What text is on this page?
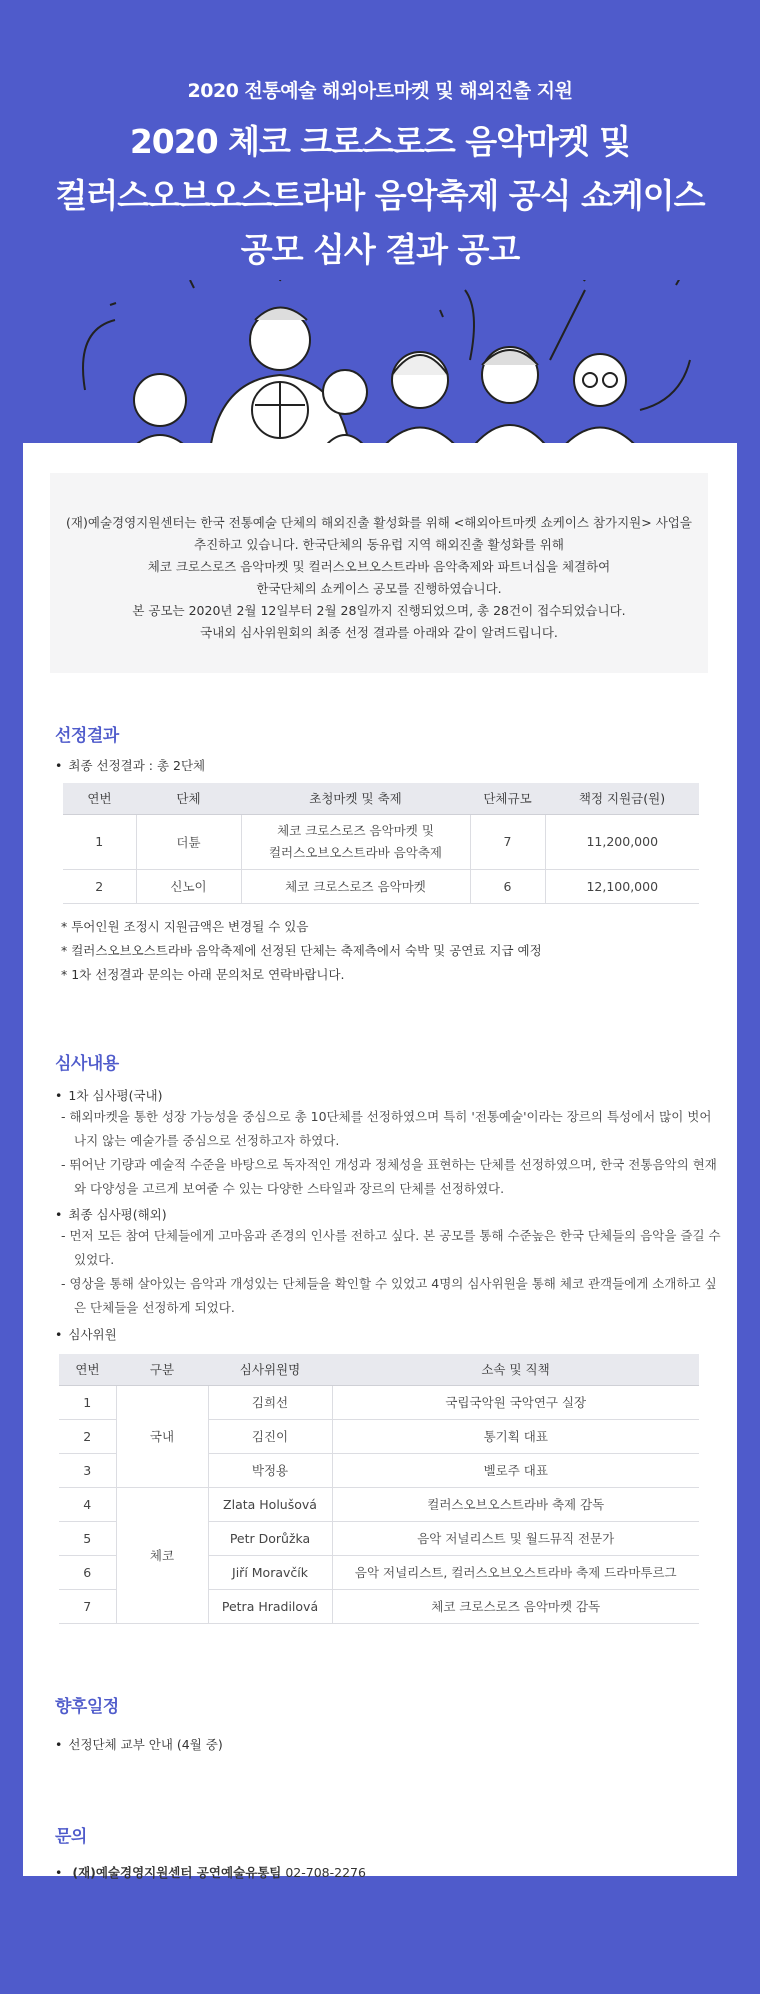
2020 전통예술 해외아트마켓 및 해외진출 지원
2020 체코 크로스로즈 음악마켓 및
컬러스오브오스트라바 음악축제 공식 쇼케이스
공모 심사 결과 공고
(재)예술경영지원센터는 한국 전통예술 단체의 해외진출 활성화를 위해 <해외아트마켓 쇼케이스 참가지원> 사업을
추진하고 있습니다. 한국단체의 동유럽 지역 해외진출 활성화를 위해
체코 크로스로즈 음악마켓 및 컬러스오브오스트라바 음악축제와 파트너십을 체결하여
한국단체의 쇼케이스 공모를 진행하였습니다.
본 공모는 2020년 2월 12일부터 2월 28일까지 진행되었으며, 총 28건이 접수되었습니다.
국내외 심사위원회의 최종 선정 결과를 아래와 같이 알려드립니다.
선정결과
• 최종 선정결과 : 총 2단체
연번	단체	초청마켓 및 축제	단체규모	책정 지원금(원)
1	더튠	체코 크로스로즈 음악마켓 및
컬러스오브오스트라바 음악축제	7	11,200,000
2	신노이	체코 크로스로즈 음악마켓	6	12,100,000
* 투어인원 조정시 지원금액은 변경될 수 있음
* 컬러스오브오스트라바 음악축제에 선정된 단체는 축제측에서 숙박 및 공연료 지급 예정
* 1차 선정결과 문의는 아래 문의처로 연락바랍니다.
심사내용
• 1차 심사평(국내)
- 해외마켓을 통한 성장 가능성을 중심으로 총 10단체를 선정하였으며 특히 '전통예술'이라는 장르의 특성에서 많이 벗어나지 않는 예술가를 중심으로 선정하고자 하였다.
- 뛰어난 기량과 예술적 수준을 바탕으로 독자적인 개성과 정체성을 표현하는 단체를 선정하였으며, 한국 전통음악의 현재와 다양성을 고르게 보여줄 수 있는 다양한 스타일과 장르의 단체를 선정하였다.
• 최종 심사평(해외)
- 먼저 모든 참여 단체들에게 고마움과 존경의 인사를 전하고 싶다. 본 공모를 통해 수준높은 한국 단체들의 음악을 즐길 수 있었다.
- 영상을 통해 살아있는 음악과 개성있는 단체들을 확인할 수 있었고 4명의 심사위원을 통해 체코 관객들에게 소개하고 싶은 단체들을 선정하게 되었다.
• 심사위원
연번	구분	심사위원명	소속 및 직책
1	국내	김희선	국립국악원 국악연구 실장
2		김진이	통기획 대표
3		박정용	벨로주 대표
4	체코	Zlata Holušová	컬러스오브오스트라바 축제 감독
5		Petr Dorůžka	음악 저널리스트 및 월드뮤직 전문가
6		Jiří Moravčík	음악 저널리스트, 컬러스오브오스트라바 축제 드라마투르그
7		Petra Hradilová	체코 크로스로즈 음악마켓 감독
향후일정
• 선정단체 교부 안내 (4월 중)
문의
• (재)예술경영지원센터 공연예술유통팀 02-708-2276
